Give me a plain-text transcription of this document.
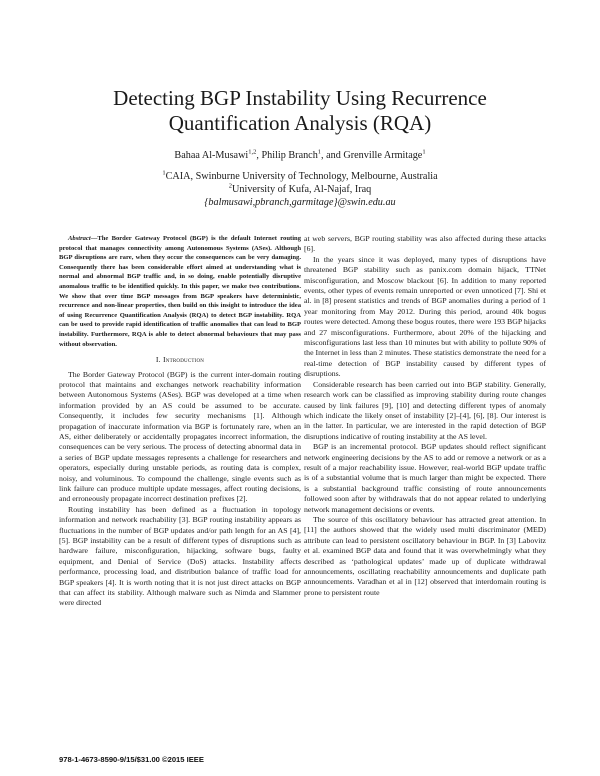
Detecting BGP Instability Using Recurrence
Quantification Analysis (RQA)
Bahaa Al-Musawi$^{1,2}$, Philip Branch$^1$, and Grenville Armitage$^1$
$^1$CAIA, Swinburne University of Technology, Melbourne, Australia
$^2$University of Kufa, Al-Najaf, Iraq
{balmusawi,pbranch,garmitage}@swin.edu.au

Abstract—The Border Gateway Protocol (BGP) is the default Internet routing protocol that manages connectivity among Autonomous Systems (ASes). Although BGP disruptions are rare, when they occur the consequences can be very damaging. Consequently there has been considerable effort aimed at understanding what is normal and abnormal BGP traffic and, in so doing, enable potentially disruptive anomalous traffic to be identified quickly. In this paper, we make two contributions. We show that over time BGP messages from BGP speakers have deterministic, recurrence and non-linear properties, then build on this insight to introduce the idea of using Recurrence Quantification Analysis (RQA) to detect BGP instability. RQA can be used to provide rapid identification of traffic anomalies that can lead to BGP instability. Furthermore, RQA is able to detect abnormal behaviours that may pass without observation.

I. Introduction

The Border Gateway Protocol (BGP) is the current inter-domain routing protocol that maintains and exchanges network reachability information between Autonomous Systems (ASes). BGP was developed at a time when information provided by an AS could be assumed to be accurate. Consequently, it includes few security mechanisms [1]. Although propagation of inaccurate information via BGP is fortunately rare, when an AS, either deliberately or accidentally propagates incorrect information, the consequences can be very serious. The process of detecting abnormal data in a series of BGP update messages represents a challenge for researchers and operators, especially during unstable periods, as routing data is complex, noisy, and voluminous. To compound the challenge, single events such as link failure can produce multiple update messages, affect routing decisions, and erroneously propagate incorrect destination prefixes [2].

Routing instability has been defined as a fluctuation in topology information and network reachability [3]. BGP routing instability appears as fluctuations in the number of BGP updates and/or path length for an AS [4], [5]. BGP instability can be a result of different types of disruptions such as hardware failure, misconfiguration, hijacking, software bugs, faulty equipment, and Denial of Service (DoS) attacks. Instability affects performance, processing load, and distribution balance of traffic load for BGP speakers [4]. It is worth noting that it is not just direct attacks on BGP that can affect its stability. Although malware such as Nimda and Slammer were directed

at web servers, BGP routing stability was also affected during these attacks [6].

In the years since it was deployed, many types of disruptions have threatened BGP stability such as panix.com domain hijack, TTNet misconfiguration, and Moscow blackout [6]. In addition to many reported events, other types of events remain unreported or even unnoticed [7]. Shi et al. in [8] present statistics and trends of BGP anomalies during a period of 1 year monitoring from May 2012. During this period, around 40k bogus routes were detected. Among these bogus routes, there were 193 BGP hijacks and 27 misconfigurations. Furthermore, about 20% of the hijacking and misconfigurations last less than 10 minutes but with ability to pollute 90% of the Internet in less than 2 minutes. These statistics demonstrate the need for a real-time detection of BGP instability caused by different types of disruptions.

Considerable research has been carried out into BGP stability. Generally, research work can be classified as improving stability during route changes caused by link failures [9], [10] and detecting different types of anomaly which indicate the likely onset of instability [2]–[4], [6], [8]. Our interest is in the latter. In particular, we are interested in the rapid detection of BGP disruptions indicative of routing instability at the AS level.

BGP is an incremental protocol. BGP updates should reflect significant network engineering decisions by the AS to add or remove a network or as a result of a major reachability issue. However, real-world BGP update traffic is of a substantial volume that is much larger than might be expected. There is a substantial background traffic consisting of route announcements followed soon after by withdrawals that do not appear related to underlying network management decisions or events.

The source of this oscillatory behaviour has attracted great attention. In [11] the authors showed that the widely used multi discriminator (MED) attribute can lead to persistent oscillatory behaviour in BGP. In [3] Labovitz et al. examined BGP data and found that it was overwhelmingly what they described as ‘pathological updates’ made up of duplicate withdrawal announcements, oscillating reachability announcements and duplicate path announcements. Varadhan et al in [12] observed that interdomain routing is prone to persistent route

978-1-4673-8590-9/15/$31.00 ©2015 IEEE
